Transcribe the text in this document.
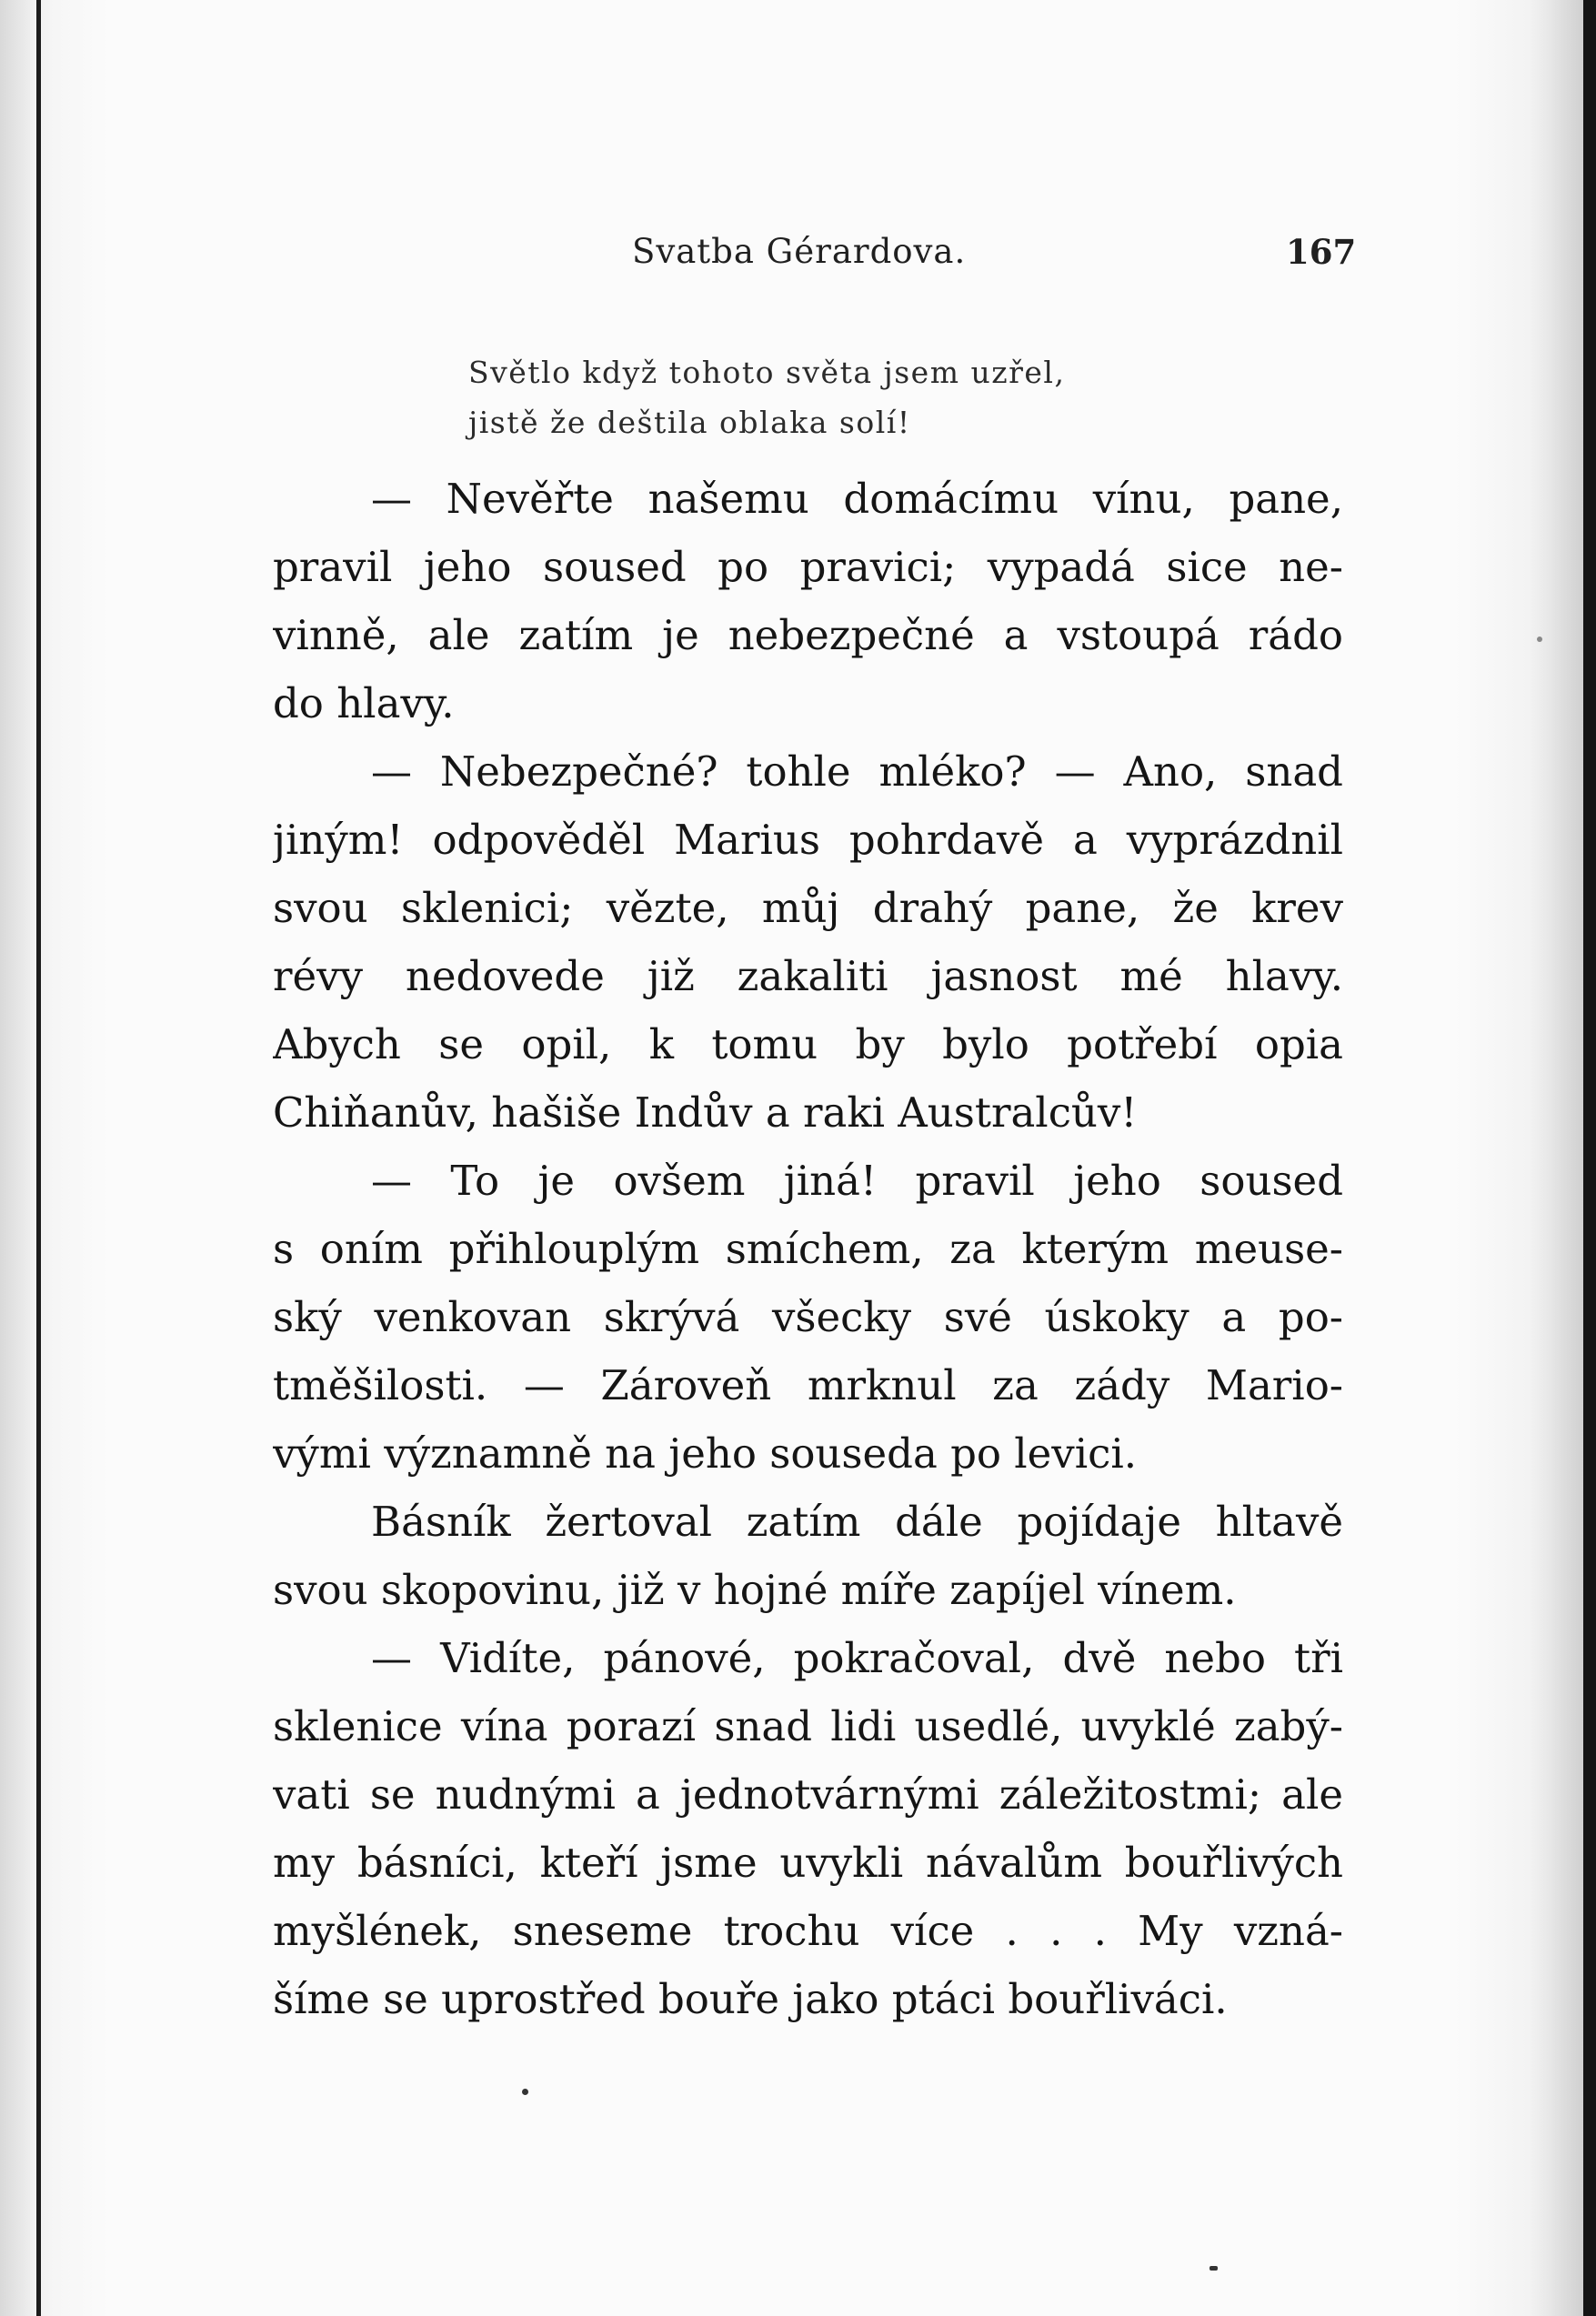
Svatba Gérardova.	167
Světlo když tohoto světa jsem uzřel,
jistě že deštila oblaka solí!
— Nevěřte našemu domácímu vínu, pane,
pravil jeho soused po pravici; vypadá sice ne-
vinně, ale zatím je nebezpečné a vstoupá rádo
do hlavy.
— Nebezpečné? tohle mléko? — Ano, snad
jiným! odpověděl Marius pohrdavě a vyprázdnil
svou sklenici; vězte, můj drahý pane, že krev
révy nedovede již zakaliti jasnost mé hlavy.
Abych se opil, k tomu by bylo potřebí opia
Chiňanův, hašiše Indův a raki Australcův!
— To je ovšem jiná! pravil jeho soused
s oním přihlouplým smíchem, za kterým meuse-
ský venkovan skrývá všecky své úskoky a po-
tměšilosti. — Zároveň mrknul za zády Mario-
vými významně na jeho souseda po levici.
Básník žertoval zatím dále pojídaje hltavě
svou skopovinu, již v hojné míře zapíjel vínem.
— Vidíte, pánové, pokračoval, dvě nebo tři
sklenice vína porazí snad lidi usedlé, uvyklé zabý-
vati se nudnými a jednotvárnými záležitostmi; ale
my básníci, kteří jsme uvykli návalům bouřlivých
myšlének, sneseme trochu více . . . My vzná-
šíme se uprostřed bouře jako ptáci bouřliváci.
